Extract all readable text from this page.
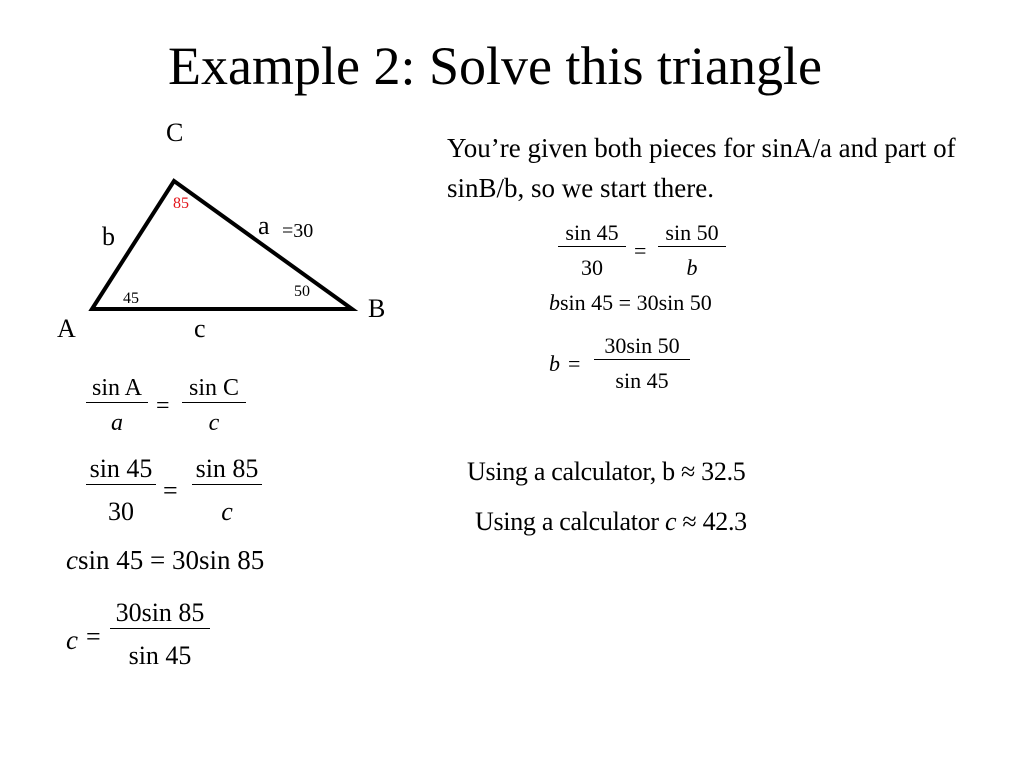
Example 2: Solve this triangle
C
A
B
b	a =30
c
85
45	50
You’re given both pieces for sinA/a and part of sinB/b, so we start there.
sin A
a
=
sin C
c
sin 45
30
=
sin 85
c
csin 45 = 30sin 85
c =
30sin 85
sin 45
sin 45
30
=
sin 50
b
bsin 45 = 30sin 50
b =
30sin 50
sin 45
Using a calculator, b ≈ 32.5
Using a calculator c ≈ 42.3
